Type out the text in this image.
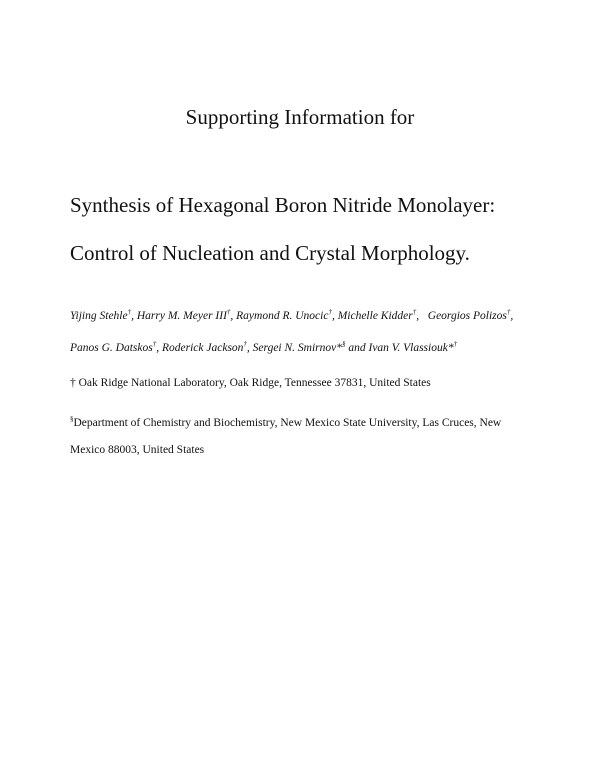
Supporting Information for
Synthesis of Hexagonal Boron Nitride Monolayer:
Control of Nucleation and Crystal Morphology.
Yijing Stehle†, Harry M. Meyer III†, Raymond R. Unocic†, Michelle Kidder†,   Georgios Polizos†,
Panos G. Datskos†, Roderick Jackson†, Sergei N. Smirnov*§ and Ivan V. Vlassiouk*†
† Oak Ridge National Laboratory, Oak Ridge, Tennessee 37831, United States
§Department of Chemistry and Biochemistry, New Mexico State University, Las Cruces, New
Mexico 88003, United States
